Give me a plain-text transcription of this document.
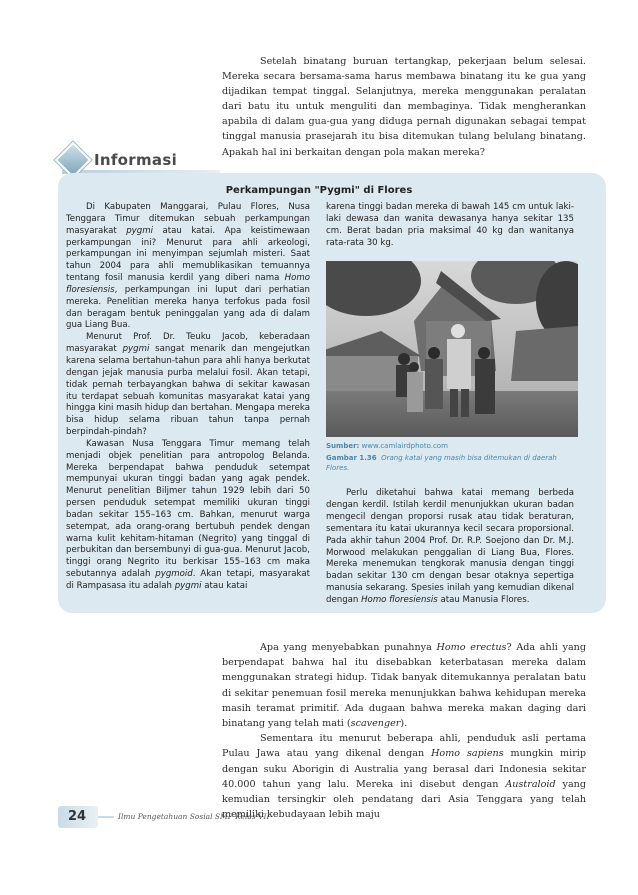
Setelah binatang buruan tertangkap, pekerjaan belum selesai. Mereka secara bersama-sama harus membawa binatang itu ke gua yang dijadikan tempat tinggal. Selanjutnya, mereka menggunakan peralatan dari batu itu untuk menguliti dan membaginya. Tidak mengherankan apabila di dalam gua-gua yang diduga pernah digunakan sebagai tempat tinggal manusia prasejarah itu bisa ditemukan tulang belulang binatang. Apakah hal ini berkaitan dengan pola makan mereka?

Informasi
Perkampungan "Pygmi" di Flores

Di Kabupaten Manggarai, Pulau Flores, Nusa Tenggara Timur ditemukan sebuah perkampungan masyarakat pygmi atau katai. Apa keistimewaan perkampungan ini? Menurut para ahli arkeologi, perkampungan ini menyimpan sejumlah misteri. Saat tahun 2004 para ahli memublikasikan temuannya tentang fosil manusia kerdil yang diberi nama Homo floresiensis, perkampungan ini luput dari perhatian mereka. Penelitian mereka hanya terfokus pada fosil dan beragam bentuk peninggalan yang ada di dalam gua Liang Bua.

Menurut Prof. Dr. Teuku Jacob, keberadaan masyarakat pygmi sangat menarik dan mengejutkan karena selama bertahun-tahun para ahli hanya berkutat dengan jejak manusia purba melalui fosil. Akan tetapi, tidak pernah terbayangkan bahwa di sekitar kawasan itu terdapat sebuah komunitas masyarakat katai yang hingga kini masih hidup dan bertahan. Mengapa mereka bisa hidup selama ribuan tahun tanpa pernah berpindah-pindah?

Kawasan Nusa Tenggara Timur memang telah menjadi objek penelitian para antropolog Belanda. Mereka berpendapat bahwa penduduk setempat mempunyai ukuran tinggi badan yang agak pendek. Menurut penelitian Biljmer tahun 1929 lebih dari 50 persen penduduk setempat memiliki ukuran tinggi badan sekitar 155–163 cm. Bahkan, menurut warga setempat, ada orang-orang bertubuh pendek dengan warna kulit kehitam-hitaman (Negrito) yang tinggal di perbukitan dan bersembunyi di gua-gua. Menurut Jacob, tinggi orang Negrito itu berkisar 155–163 cm maka sebutannya adalah pygmoid. Akan tetapi, masyarakat di Rampasasa itu adalah pygmi atau katai

karena tinggi badan mereka di bawah 145 cm untuk laki-laki dewasa dan wanita dewasanya hanya sekitar 135 cm. Berat badan pria maksimal 40 kg dan wanitanya rata-rata 30 kg.

Sumber: www.camlairdphoto.com
Gambar 1.36 Orang katai yang masih bisa ditemukan di daerah Flores.

Perlu diketahui bahwa katai memang berbeda dengan kerdil. Istilah kerdil menunjukkan ukuran badan mengecil dengan proporsi rusak atau tidak beraturan, sementara itu katai ukurannya kecil secara proporsional. Pada akhir tahun 2004 Prof. Dr. R.P. Soejono dan Dr. M.J. Morwood melakukan penggalian di Liang Bua, Flores. Mereka menemukan tengkorak manusia dengan tinggi badan sekitar 130 cm dengan besar otaknya sepertiga manusia sekarang. Spesies inilah yang kemudian dikenal dengan Homo floresiensis atau Manusia Flores.

Apa yang menyebabkan punahnya Homo erectus? Ada ahli yang berpendapat bahwa hal itu disebabkan keterbatasan mereka dalam menggunakan strategi hidup. Tidak banyak ditemukannya peralatan batu di sekitar penemuan fosil mereka menunjukkan bahwa kehidupan mereka masih teramat primitif. Ada dugaan bahwa mereka makan daging dari binatang yang telah mati (scavenger).

Sementara itu menurut beberapa ahli, penduduk asli pertama Pulau Jawa atau yang dikenal dengan Homo sapiens mungkin mirip dengan suku Aborigin di Australia yang berasal dari Indonesia sekitar 40.000 tahun yang lalu. Mereka ini disebut dengan Australoid yang kemudian tersingkir oleh pendatang dari Asia Tenggara yang telah memiliki kebudayaan lebih maju

24	Ilmu Pengetahuan Sosial SMP Kelas VII
